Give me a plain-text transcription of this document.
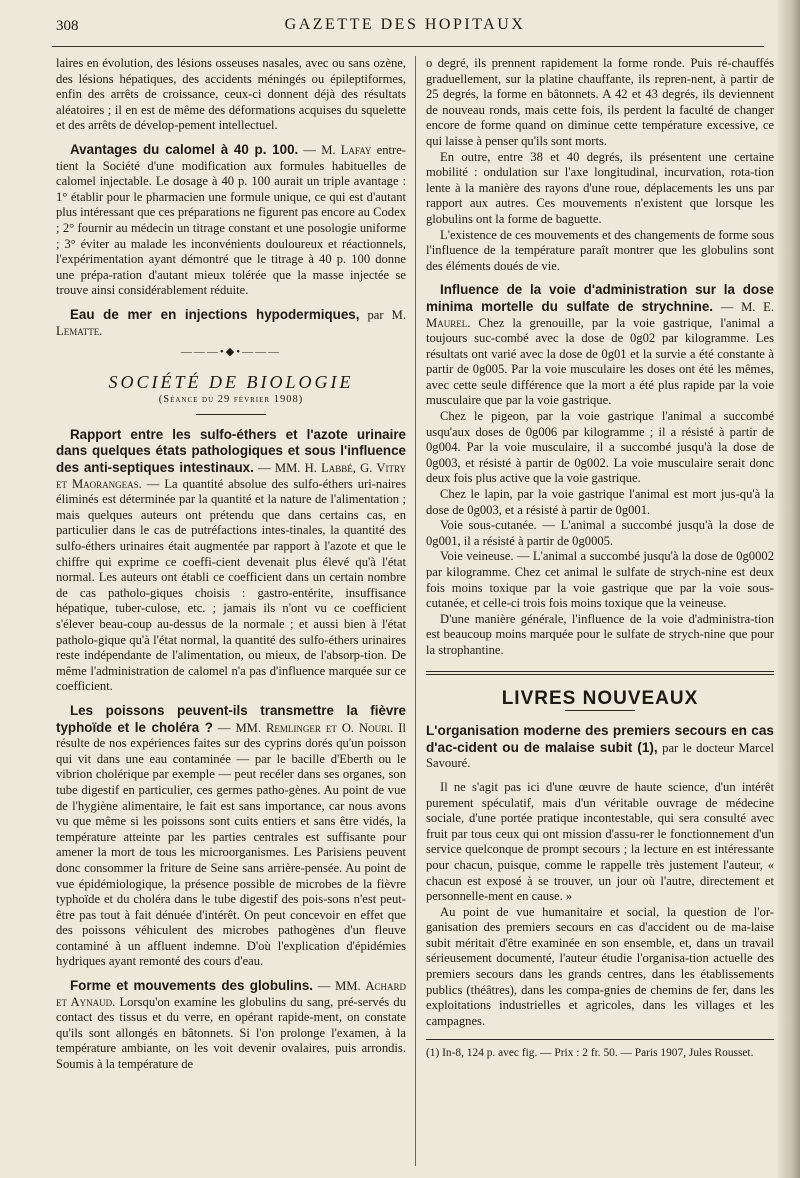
308	GAZETTE DES HOPITAUX

laires en évolution, des lésions osseuses nasales, avec ou sans ozène, des lésions hépatiques, des accidents méningés ou épileptiformes, enfin des arrêts de croissance, ceux-ci donnent déjà des résultats aléatoires ; il en est de même des déformations acquises du squelette et des arrêts de dévelop-pement intellectuel.

Avantages du calomel à 40 p. 100. — M. Lafay entre-tient la Société d'une modification aux formules habituelles de calomel injectable. Le dosage à 40 p. 100 aurait un triple avantage : 1° établir pour le pharmacien une formule unique, ce qui est d'autant plus intéressant que ces préparations ne figurent pas encore au Codex ; 2° fournir au médecin un titrage constant et une posologie uniforme ; 3° éviter au malade les inconvénients douloureux et réactionnels, l'expérimentation ayant démontré que le titrage à 40 p. 100 donne une prépa-ration d'autant mieux tolérée que la masse injectée se trouve ainsi considérablement réduite.

Eau de mer en injections hypodermiques, par M. Lematte.

———•◆•———
SOCIÉTÉ DE BIOLOGIE
(Séance du 29 février 1908)

Rapport entre les sulfo-éthers et l'azote urinaire dans quelques états pathologiques et sous l'influence des anti-septiques intestinaux. — MM. H. Labbé, G. Vitry et Maorangeas. — La quantité absolue des sulfo-éthers uri-naires éliminés est déterminée par la quantité et la nature de l'alimentation ; mais quelques auteurs ont prétendu que dans certains cas, en particulier dans le cas de putréfactions intes-tinales, la quantité des sulfo-éthers urinaires était augmentée par rapport à l'azote et que le chiffre qui exprime ce coeffi-cient devenait plus élevé qu'à l'état normal. Les auteurs ont établi ce coefficient dans un certain nombre de cas patholo-giques choisis : gastro-entérite, insuffisance hépatique, tuber-culose, etc. ; jamais ils n'ont vu ce coefficient s'élever beau-coup au-dessus de la normale ; et aussi bien à l'état patholo-gique qu'à l'état normal, la quantité des sulfo-éthers urinaires reste indépendante de l'alimentation, ou mieux, de l'absorp-tion. De même l'administration de calomel n'a pas d'influence marquée sur ce coefficient.

Les poissons peuvent-ils transmettre la fièvre typhoïde et le choléra ? — MM. Remlinger et O. Nouri. Il résulte de nos expériences faites sur des cyprins dorés qu'un poisson qui vit dans une eau contaminée — par le bacille d'Eberth ou le vibrion cholérique par exemple — peut recéler dans ses organes, son tube digestif en particulier, ces germes patho-gènes. Au point de vue de l'hygiène alimentaire, le fait est sans importance, car nous avons vu que même si les poissons sont cuits entiers et sans être vidés, la température atteinte par les parties centrales est suffisante pour amener la mort de tous les microorganismes. Les Parisiens peuvent donc consommer la friture de Seine sans arrière-pensée. Au point de vue épidémiologique, la présence possible de microbes de la fièvre typhoïde et du choléra dans le tube digestif des pois-sons n'est peut-être pas tout à fait dénuée d'intérêt. On peut concevoir en effet que des poissons véhiculent des microbes pathogènes d'un fleuve contaminé à un affluent indemne. D'où l'explication d'épidémies hydriques ayant remonté des cours d'eau.

Forme et mouvements des globulins. — MM. Achard et Aynaud. Lorsqu'on examine les globulins du sang, pré-servés du contact des tissus et du verre, en opérant rapide-ment, on constate qu'ils sont allongés en bâtonnets. Si l'on prolonge l'examen, à la température ambiante, on les voit devenir ovalaires, puis arrondis. Soumis à la température de

o degré, ils prennent rapidement la forme ronde. Puis ré-chauffés graduellement, sur la platine chauffante, ils repren-nent, à partir de 25 degrés, la forme en bâtonnets. A 42 et 43 degrés, ils deviennent de nouveau ronds, mais cette fois, ils perdent la faculté de changer encore de forme quand on diminue cette température excessive, ce qui laisse à penser qu'ils sont morts.

En outre, entre 38 et 40 degrés, ils présentent une certaine mobilité : ondulation sur l'axe longitudinal, incurvation, rota-tion lente à la manière des rayons d'une roue, déplacements les uns par rapport aux autres. Ces mouvements n'existent que lorsque les globulins ont la forme de baguette.

L'existence de ces mouvements et des changements de forme sous l'influence de la température paraît montrer que les globulins sont des éléments doués de vie.

Influence de la voie d'administration sur la dose minima mortelle du sulfate de strychnine. — M. E. Maurel. Chez la grenouille, par la voie gastrique, l'animal a toujours suc-combé avec la dose de 0g02 par kilogramme. Les résultats ont varié avec la dose de 0g01 et la survie a été constante à partir de 0g005. Par la voie musculaire les doses ont été les mêmes, avec cette seule différence que la mort a été plus rapide par la voie musculaire que par la voie gastrique.

Chez le pigeon, par la voie gastrique l'animal a succombé usqu'aux doses de 0g006 par kilogramme ; il a résisté à partir de 0g004. Par la voie musculaire, il a succombé jusqu'à la dose de 0g003, et résisté à partir de 0g002. La voie musculaire serait donc deux fois plus active que la voie gastrique.

Chez le lapin, par la voie gastrique l'animal est mort jus-qu'à la dose de 0g003, et a résisté à partir de 0g001.

Voie sous-cutanée. — L'animal a succombé jusqu'à la dose de 0g001, il a résisté à partir de 0g0005.

Voie veineuse. — L'animal a succombé jusqu'à la dose de 0g0002 par kilogramme. Chez cet animal le sulfate de strych-nine est deux fois moins toxique par la voie gastrique que par la voie sous-cutanée, et celle-ci trois fois moins toxique que la veineuse.

D'une manière générale, l'influence de la voie d'administra-tion est beaucoup moins marquée pour le sulfate de strych-nine que pour la strophantine.

LIVRES NOUVEAUX

L'organisation moderne des premiers secours en cas d'ac-cident ou de malaise subit (1), par le docteur Marcel Savouré.

Il ne s'agit pas ici d'une œuvre de haute science, d'un intérêt purement spéculatif, mais d'un véritable ouvrage de médecine sociale, d'une portée pratique incontestable, qui sera consulté avec fruit par tous ceux qui ont mission d'assu-rer le fonctionnement d'un service quelconque de prompt secours ; la lecture en est intéressante pour chacun, puisque, comme le rappelle très justement l'auteur, « chacun est exposé à se trouver, un jour où l'autre, directement et personnelle-ment en cause. »

Au point de vue humanitaire et social, la question de l'or-ganisation des premiers secours en cas d'accident ou de ma-laise subit méritait d'être examinée en son ensemble, et, dans un travail sérieusement documenté, l'auteur étudie l'organisa-tion actuelle des premiers secours dans les grands centres, dans les établissements publics (théâtres), dans les compa-gnies de chemins de fer, dans les exploitations industrielles et agricoles, dans les villages et les campagnes.

(1) In-8, 124 p. avec fig. — Prix : 2 fr. 50. — Paris 1907, Jules Rousset.
